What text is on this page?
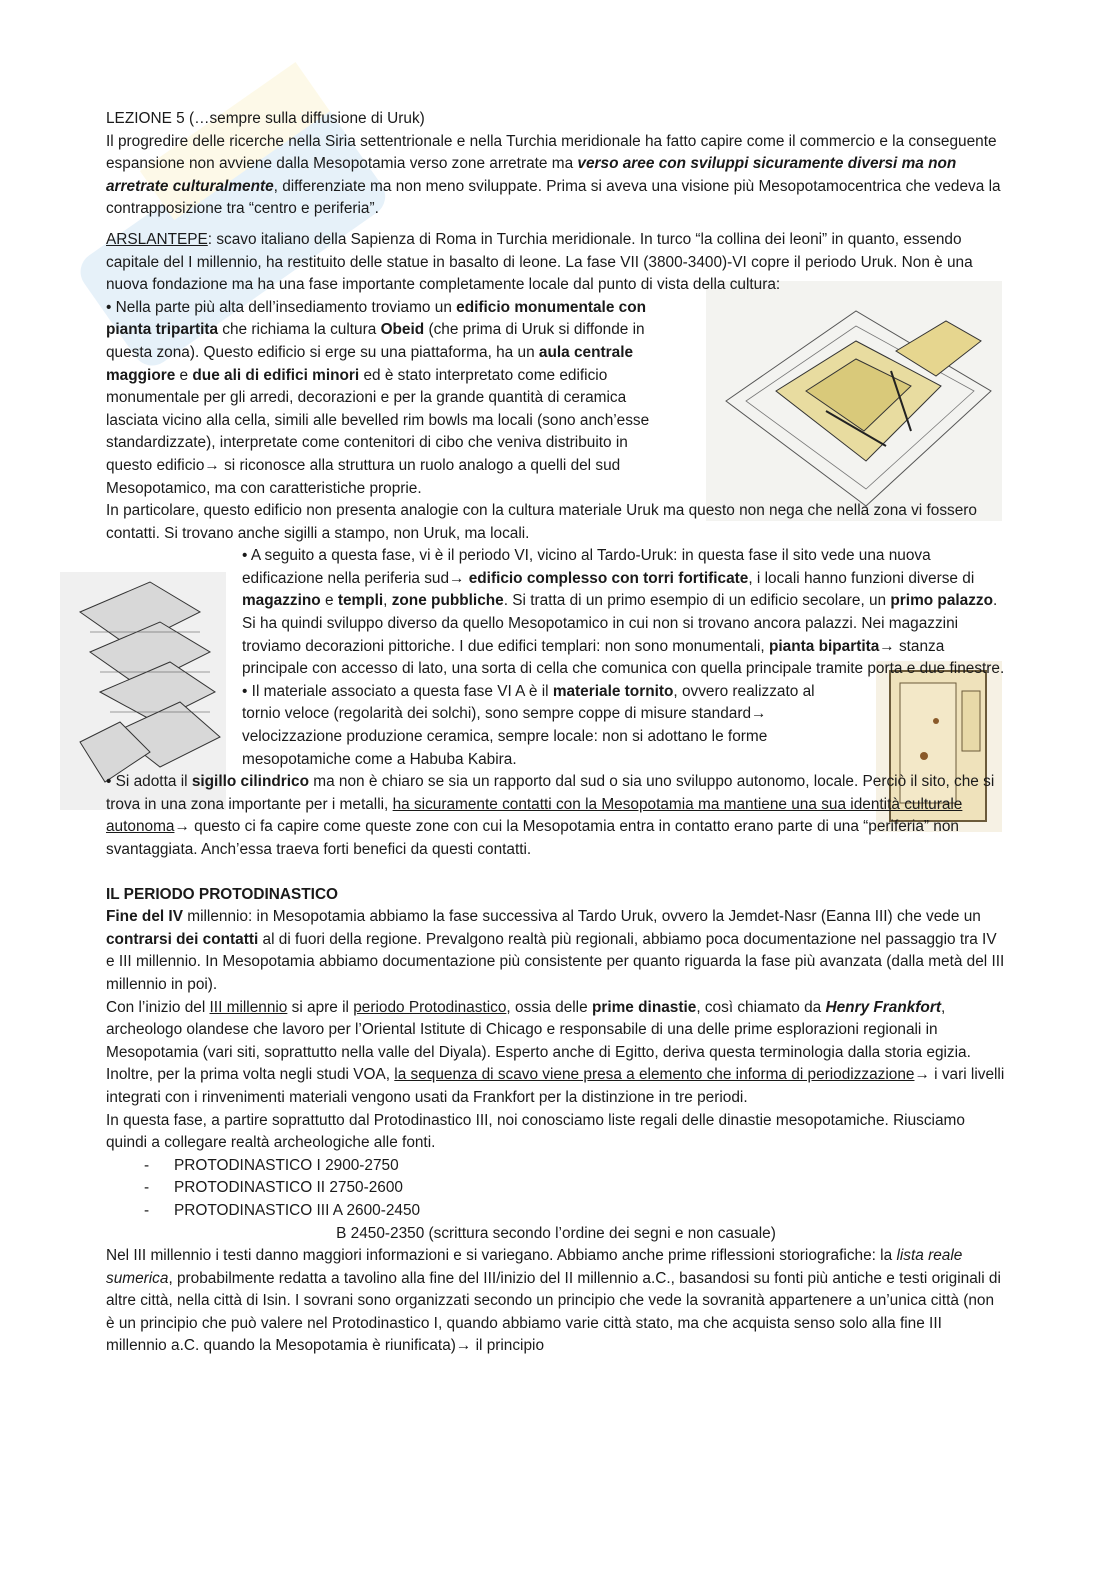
LEZIONE 5 (…sempre sulla diffusione di Uruk)

Il progredire delle ricerche nella Siria settentrionale e nella Turchia meridionale ha fatto capire come il commercio e la conseguente espansione non avviene dalla Mesopotamia verso zone arretrate ma verso aree con sviluppi sicuramente diversi ma non arretrate culturalmente, differenziate ma non meno sviluppate. Prima si aveva una visione più Mesopotamocentrica che vedeva la contrapposizione tra “centro e periferia”.

ARSLANTEPE: scavo italiano della Sapienza di Roma in Turchia meridionale. In turco “la collina dei leoni” in quanto, essendo capitale del I millennio, ha restituito delle statue in basalto di leone. La fase VII (3800-3400)-VI copre il periodo Uruk. Non è una nuova fondazione ma ha una fase importante completamente locale dal punto di vista della cultura:

• Nella parte più alta dell’insediamento troviamo un edificio monumentale con pianta tripartita che richiama la cultura Obeid (che prima di Uruk si diffonde in questa zona). Questo edificio si erge su una piattaforma, ha un aula centrale maggiore e due ali di edifici minori ed è stato interpretato come edificio monumentale per gli arredi, decorazioni e per la grande quantità di ceramica lasciata vicino alla cella, simili alle bevelled rim bowls ma locali (sono anch’esse standardizzate), interpretate come contenitori di cibo che veniva distribuito in questo edificio→ si riconosce alla struttura un ruolo analogo a quelli del sud Mesopotamico, ma con caratteristiche proprie.

In particolare, questo edificio non presenta analogie con la cultura materiale Uruk ma questo non nega che nella zona vi fossero contatti. Si trovano anche sigilli a stampo, non Uruk, ma locali.

• A seguito a questa fase, vi è il periodo VI, vicino al Tardo-Uruk: in questa fase il sito vede una nuova edificazione nella periferia sud→ edificio complesso con torri fortificate, i locali hanno funzioni diverse di magazzino e templi, zone pubbliche. Si tratta di un primo esempio di un edificio secolare, un primo palazzo. Si ha quindi sviluppo diverso da quello Mesopotamico in cui non si trovano ancora palazzi. Nei magazzini troviamo decorazioni pittoriche. I due edifici templari: non sono monumentali, pianta bipartita→ stanza principale con accesso di lato, una sorta di cella che comunica con quella principale tramite porta e due finestre.

• Il materiale associato a questa fase VI A è il materiale tornito, ovvero realizzato al tornio veloce (regolarità dei solchi), sono sempre coppe di misure standard→ velocizzazione produzione ceramica, sempre locale: non si adottano le forme mesopotamiche come a Habuba Kabira.

• Si adotta il sigillo cilindrico ma non è chiaro se sia un rapporto dal sud o sia uno sviluppo autonomo, locale. Perciò il sito, che si trova in una zona importante per i metalli, ha sicuramente contatti con la Mesopotamia ma mantiene una sua identità culturale autonoma→ questo ci fa capire come queste zone con cui la Mesopotamia entra in contatto erano parte di una “periferia” non svantaggiata. Anch’essa traeva forti benefici da questi contatti.

IL PERIODO PROTODINASTICO

Fine del IV millennio: in Mesopotamia abbiamo la fase successiva al Tardo Uruk, ovvero la Jemdet-Nasr (Eanna III) che vede un contrarsi dei contatti al di fuori della regione. Prevalgono realtà più regionali, abbiamo poca documentazione nel passaggio tra IV e III millennio. In Mesopotamia abbiamo documentazione più consistente per quanto riguarda la fase più avanzata (dalla metà del III millennio in poi).

Con l’inizio del III millennio si apre il periodo Protodinastico, ossia delle prime dinastie, così chiamato da Henry Frankfort, archeologo olandese che lavoro per l’Oriental Istitute di Chicago e responsabile di una delle prime esplorazioni regionali in Mesopotamia (vari siti, soprattutto nella valle del Diyala). Esperto anche di Egitto, deriva questa terminologia dalla storia egizia. Inoltre, per la prima volta negli studi VOA, la sequenza di scavo viene presa a elemento che informa di periodizzazione→ i vari livelli integrati con i rinvenimenti materiali vengono usati da Frankfort per la distinzione in tre periodi.

In questa fase, a partire soprattutto dal Protodinastico III, noi conosciamo liste regali delle dinastie mesopotamiche. Riusciamo quindi a collegare realtà archeologiche alle fonti.

- PROTODINASTICO I 2900-2750
- PROTODINASTICO II 2750-2600
- PROTODINASTICO III A 2600-2450

B 2450-2350 (scrittura secondo l’ordine dei segni e non casuale)

Nel III millennio i testi danno maggiori informazioni e si variegano. Abbiamo anche prime riflessioni storiografiche: la lista reale sumerica, probabilmente redatta a tavolino alla fine del III/inizio del II millennio a.C., basandosi su fonti più antiche e testi originali di altre città, nella città di Isin. I sovrani sono organizzati secondo un principio che vede la sovranità appartenere a un’unica città (non è un principio che può valere nel Protodinastico I, quando abbiamo varie città stato, ma che acquista senso solo alla fine III millennio a.C. quando la Mesopotamia è riunificata)→ il principio
